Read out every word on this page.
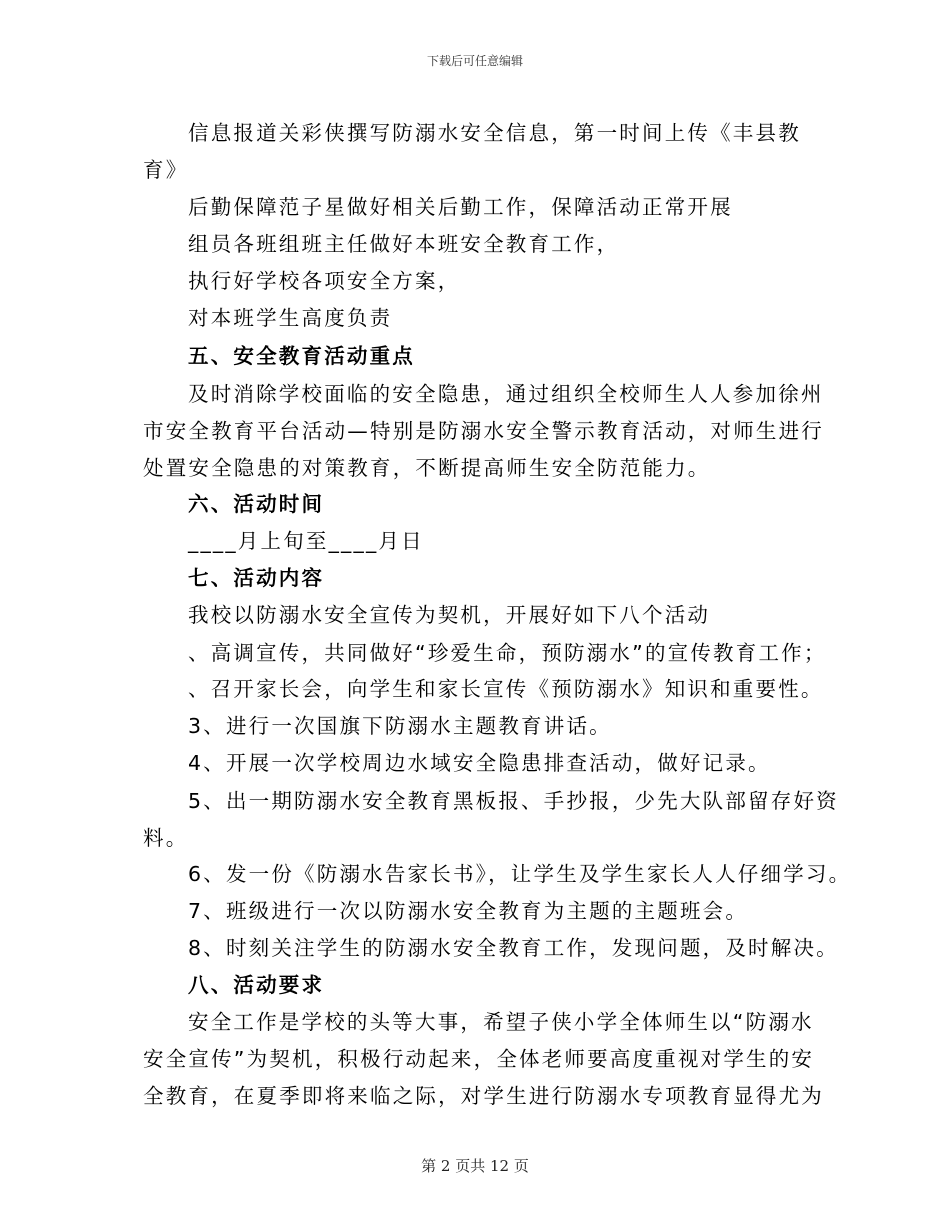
下载后可任意编辑
信息报道关彩侠撰写防溺水安全信息，第一时间上传《丰县教
育》
后勤保障范子星做好相关后勤工作，保障活动正常开展
组员各班组班主任做好本班安全教育工作，
执行好学校各项安全方案，
对本班学生高度负责
五、安全教育活动重点
及时消除学校面临的安全隐患，通过组织全校师生人人参加徐州
市安全教育平台活动—特别是防溺水安全警示教育活动，对师生进行
处置安全隐患的对策教育，不断提高师生安全防范能力。
六、活动时间
____月上旬至____月日
七、活动内容
我校以防溺水安全宣传为契机，开展好如下八个活动
、高调宣传，共同做好“珍爱生命，预防溺水”的宣传教育工作；
、召开家长会，向学生和家长宣传《预防溺水》知识和重要性。
3、进行一次国旗下防溺水主题教育讲话。
4、开展一次学校周边水域安全隐患排查活动，做好记录。
5、出一期防溺水安全教育黑板报、手抄报，少先大队部留存好资
料。
6、发一份《防溺水告家长书》，让学生及学生家长人人仔细学习。
7、班级进行一次以防溺水安全教育为主题的主题班会。
8、时刻关注学生的防溺水安全教育工作，发现问题，及时解决。
八、活动要求
安全工作是学校的头等大事，希望子侠小学全体师生以“防溺水
安全宣传”为契机，积极行动起来，全体老师要高度重视对学生的安
全教育，在夏季即将来临之际，对学生进行防溺水专项教育显得尤为
第 2 页共 12 页
